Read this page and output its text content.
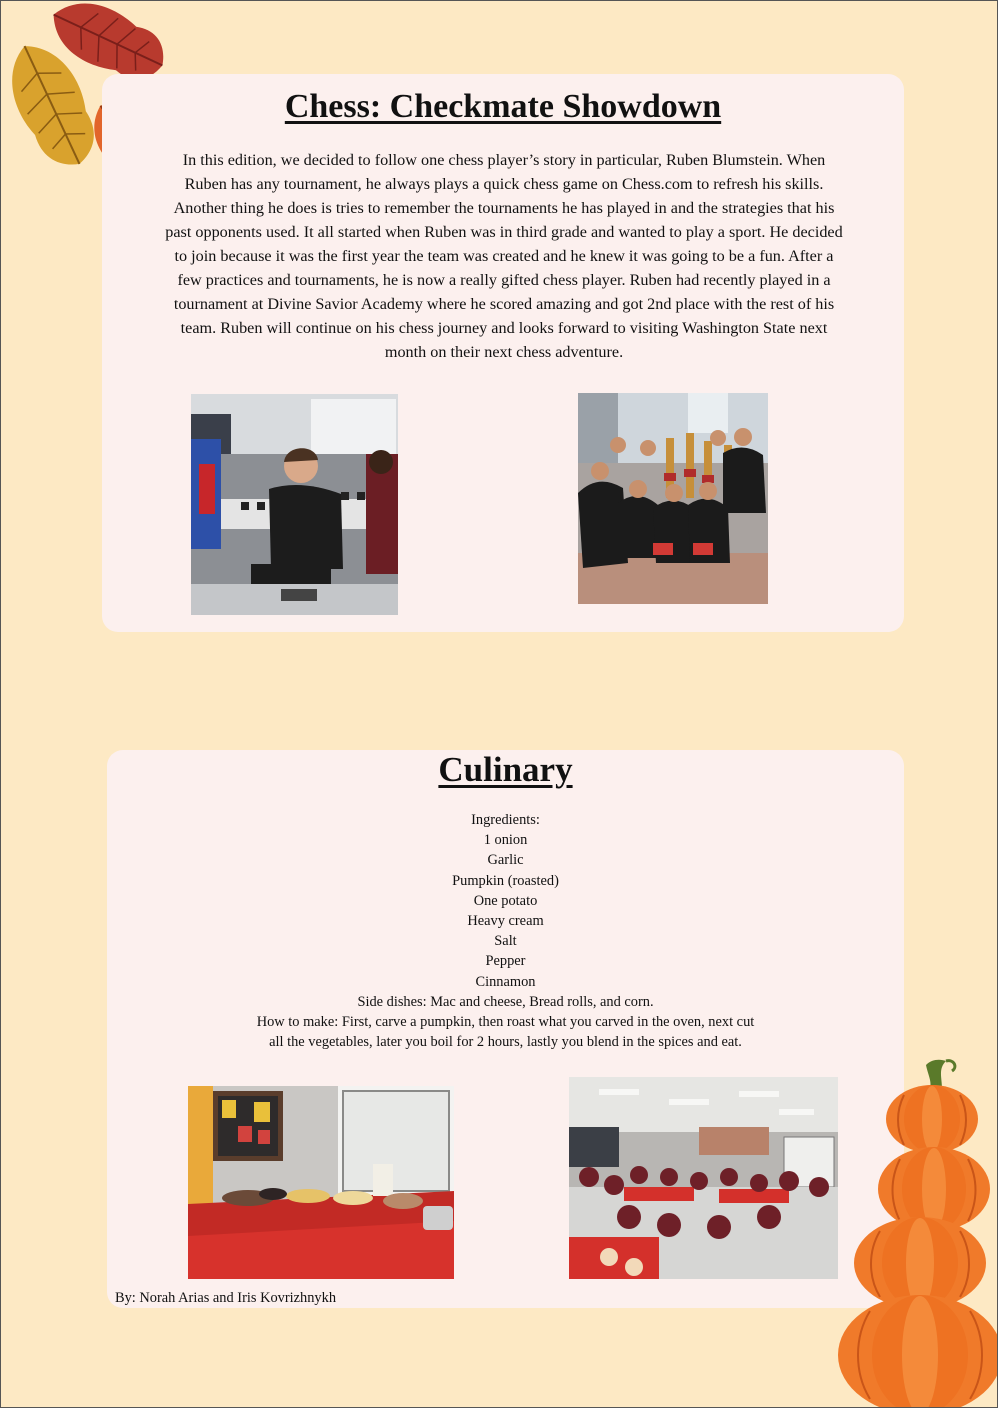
Chess: Checkmate Showdown

In this edition, we decided to follow one chess player’s story in particular, Ruben Blumstein. When Ruben has any tournament, he always plays a quick chess game on Chess.com to refresh his skills. Another thing he does is tries to remember the tournaments he has played in and the strategies that his past opponents used. It all started when Ruben was in third grade and wanted to play a sport. He decided to join because it was the first year the team was created and he knew it was going to be a fun. After a few practices and tournaments, he is now a really gifted chess player. Ruben had recently played in a tournament at Divine Savior Academy where he scored amazing and got 2nd place with the rest of his team. Ruben will continue on his chess journey and looks forward to visiting Washington State next month on their next chess adventure.

Culinary
Ingredients:
1 onion
Garlic
Pumpkin (roasted)
One potato
Heavy cream
Salt
Pepper
Cinnamon
Side dishes: Mac and cheese, Bread rolls, and corn.
How to make: First, carve a pumpkin, then roast what you carved in the oven, next cut
all the vegetables, later you boil for 2 hours, lastly you blend in the spices and eat.

By: Norah Arias and Iris Kovrizhnykh
